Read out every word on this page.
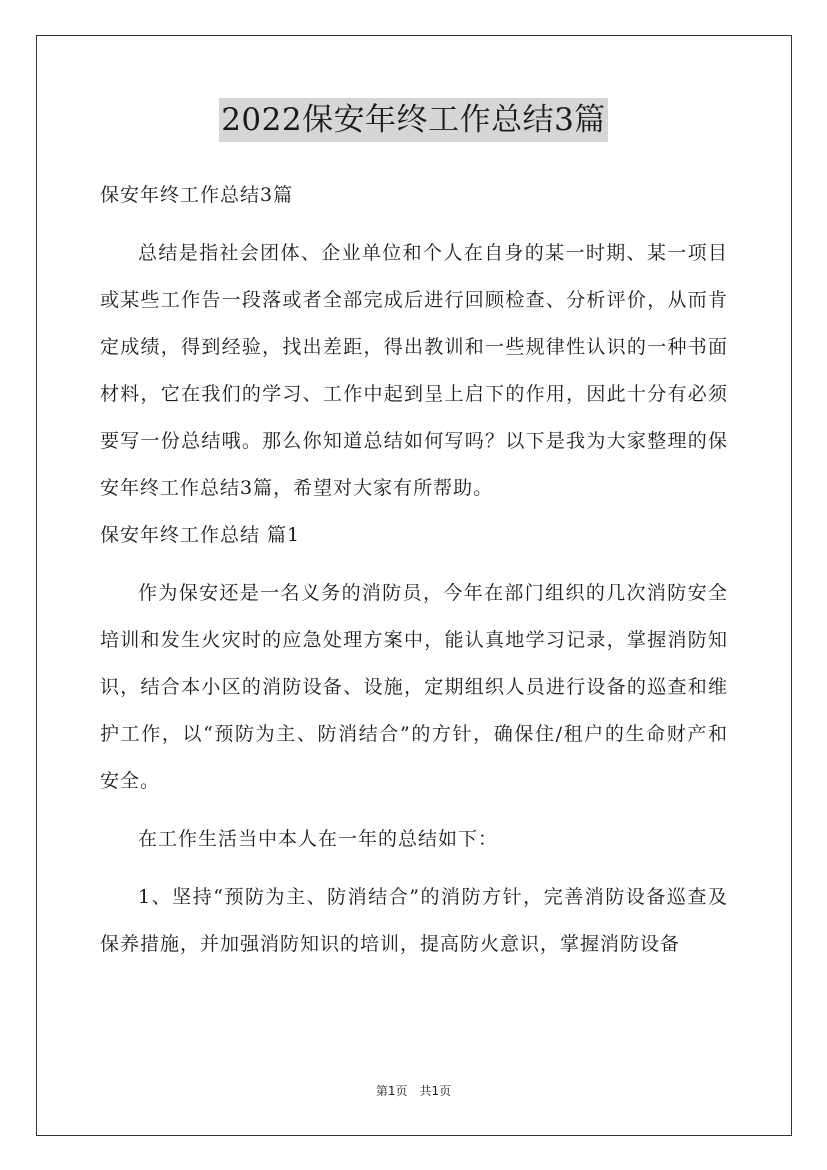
2022保安年终工作总结3篇
保安年终工作总结3篇

总结是指社会团体、企业单位和个人在自身的某一时期、某一项目或某些工作告一段落或者全部完成后进行回顾检查、分析评价，从而肯定成绩，得到经验，找出差距，得出教训和一些规律性认识的一种书面材料，它在我们的学习、工作中起到呈上启下的作用，因此十分有必须要写一份总结哦。那么你知道总结如何写吗？以下是我为大家整理的保安年终工作总结3篇，希望对大家有所帮助。

保安年终工作总结 篇1

作为保安还是一名义务的消防员，今年在部门组织的几次消防安全培训和发生火灾时的应急处理方案中，能认真地学习记录，掌握消防知识，结合本小区的消防设备、设施，定期组织人员进行设备的巡查和维护工作，以“预防为主、防消结合”的方针，确保住/租户的生命财产和安全。

在工作生活当中本人在一年的总结如下：

1、坚持“预防为主、防消结合”的消防方针，完善消防设备巡查及保养措施，并加强消防知识的培训，提高防火意识，掌握消防设备

第1页　共1页
